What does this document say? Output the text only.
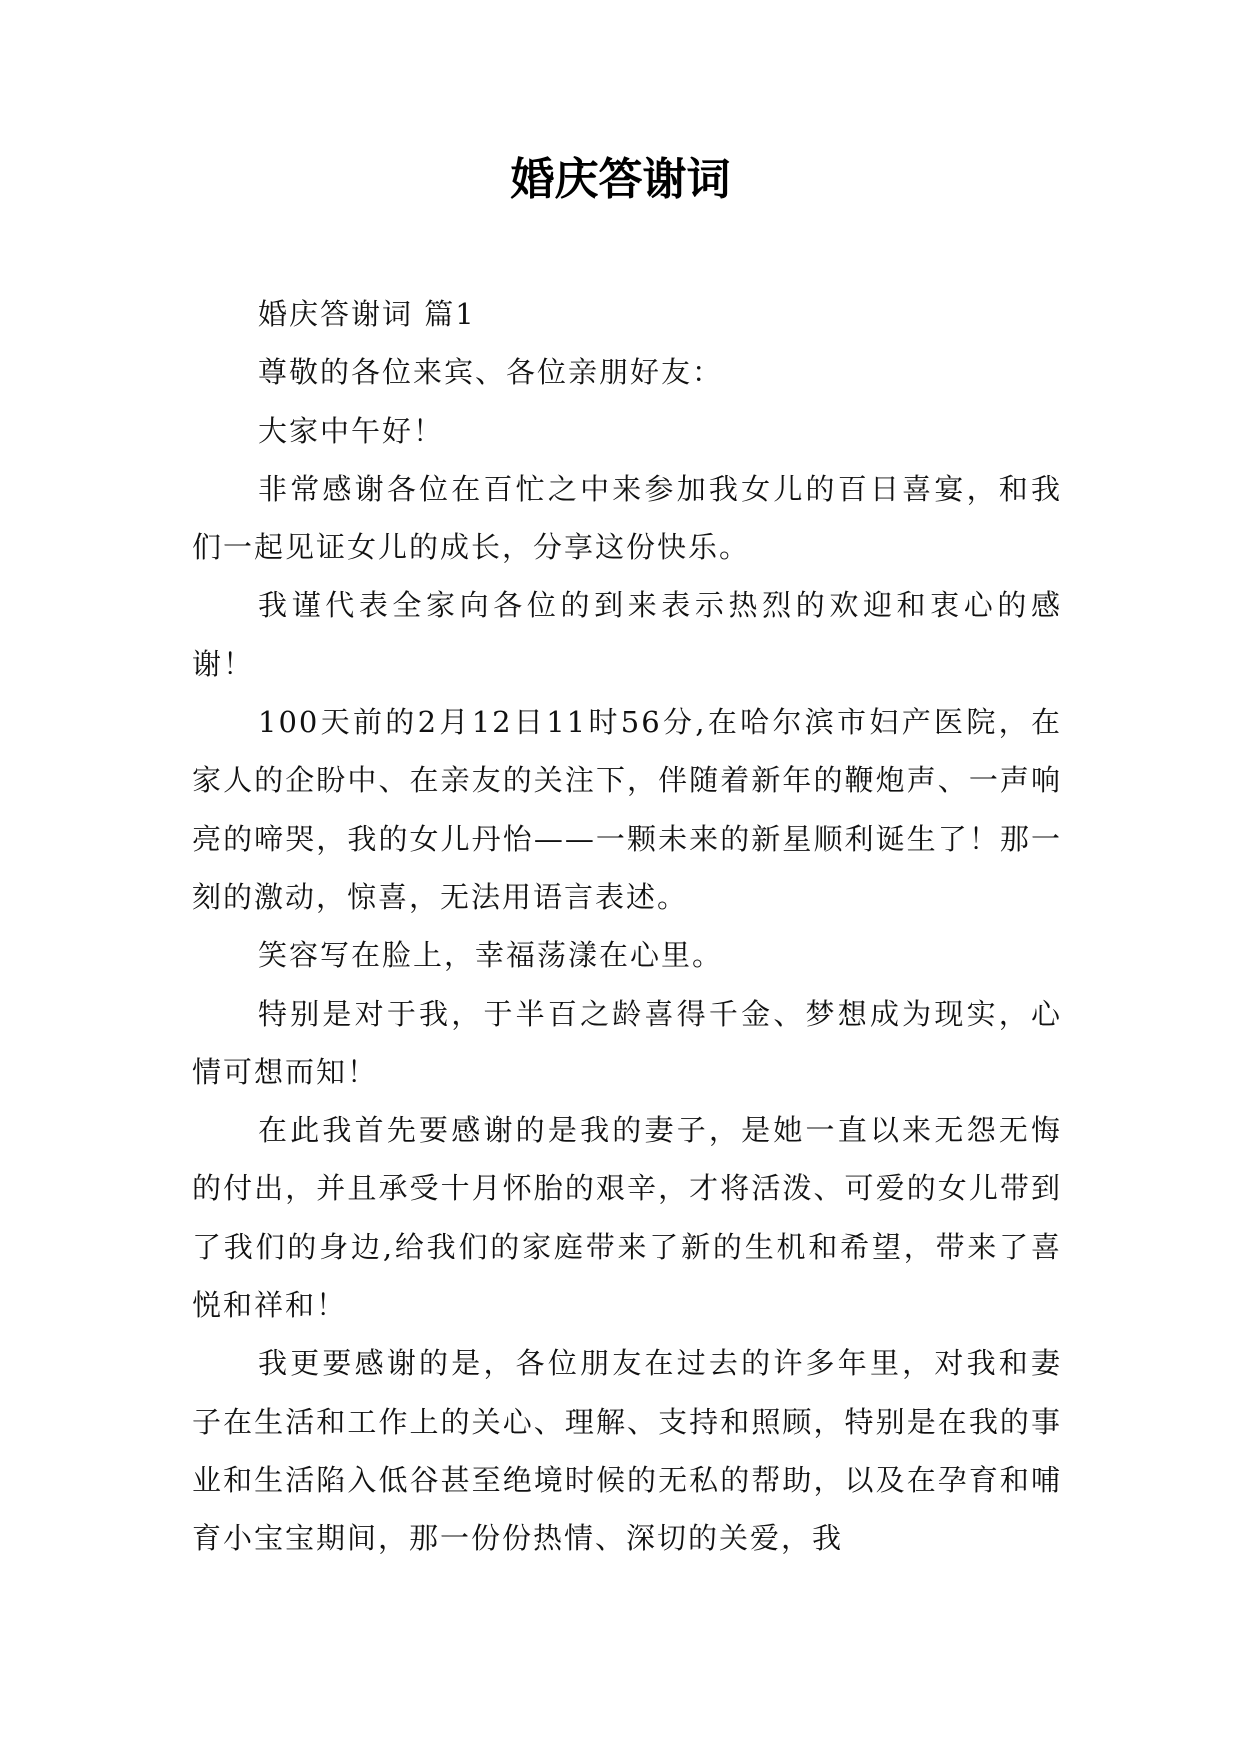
婚庆答谢词

婚庆答谢词 篇1

尊敬的各位来宾、各位亲朋好友：

大家中午好！

非常感谢各位在百忙之中来参加我女儿的百日喜宴，和我们一起见证女儿的成长，分享这份快乐。

我谨代表全家向各位的到来表示热烈的欢迎和衷心的感谢！

100天前的2月12日11时56分,在哈尔滨市妇产医院，在家人的企盼中、在亲友的关注下，伴随着新年的鞭炮声、一声响亮的啼哭，我的女儿丹怡——一颗未来的新星顺利诞生了！那一刻的激动，惊喜，无法用语言表述。

笑容写在脸上，幸福荡漾在心里。

特别是对于我，于半百之龄喜得千金、梦想成为现实，心情可想而知！

在此我首先要感谢的是我的妻子，是她一直以来无怨无悔的付出，并且承受十月怀胎的艰辛，才将活泼、可爱的女儿带到了我们的身边,给我们的家庭带来了新的生机和希望，带来了喜悦和祥和！

我更要感谢的是，各位朋友在过去的许多年里，对我和妻子在生活和工作上的关心、理解、支持和照顾，特别是在我的事业和生活陷入低谷甚至绝境时候的无私的帮助，以及在孕育和哺育小宝宝期间，那一份份热情、深切的关爱，我
